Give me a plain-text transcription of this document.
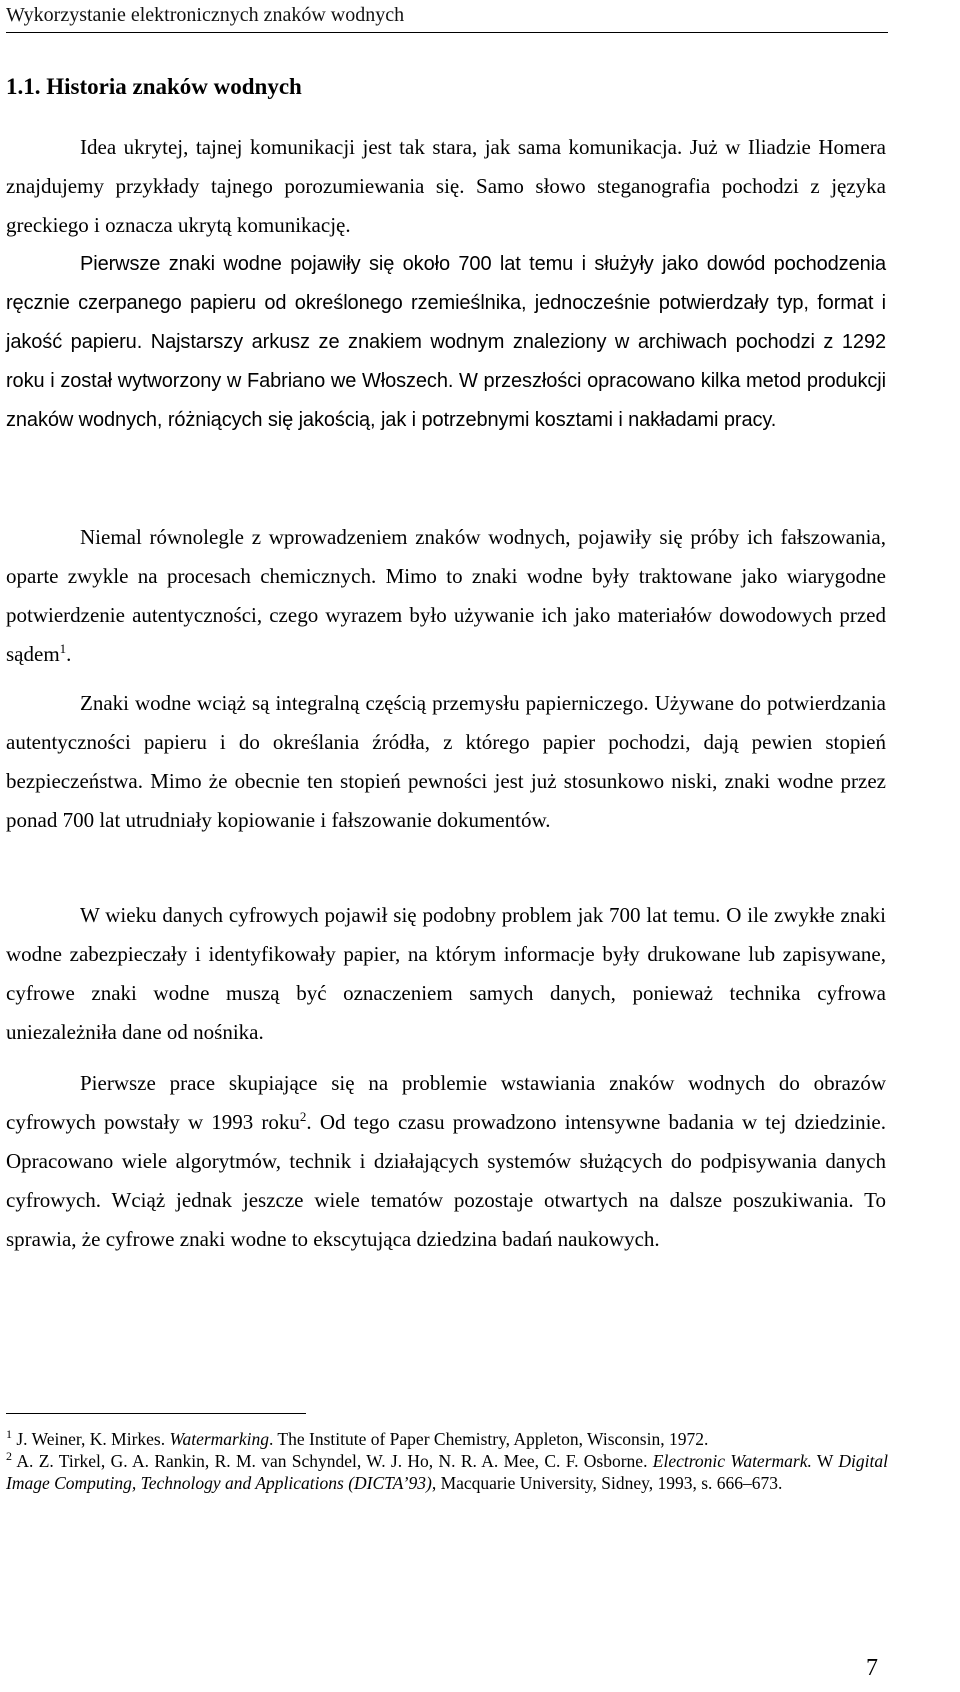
Wykorzystanie elektronicznych znaków wodnych
1.1. Historia znaków wodnych

Idea ukrytej, tajnej komunikacji jest tak stara, jak sama komunikacja. Już w Iliadzie Homera znajdujemy przykłady tajnego porozumiewania się. Samo słowo steganografia pochodzi z języka greckiego i oznacza ukrytą komunikację.

Pierwsze znaki wodne pojawiły się około 700 lat temu i służyły jako dowód pochodzenia ręcznie czerpanego papieru od określonego rzemieślnika, jednocześnie potwierdzały typ, format i jakość papieru. Najstarszy arkusz ze znakiem wodnym znaleziony w archiwach pochodzi z 1292 roku i został wytworzony w Fabriano we Włoszech. W przeszłości opracowano kilka metod produkcji znaków wodnych, różniących się jakością, jak i potrzebnymi kosztami i nakładami pracy.

Niemal równolegle z wprowadzeniem znaków wodnych, pojawiły się próby ich fałszowania, oparte zwykle na procesach chemicznych. Mimo to znaki wodne były traktowane jako wiarygodne potwierdzenie autentyczności, czego wyrazem było używanie ich jako materiałów dowodowych przed sądem$^1$.

Znaki wodne wciąż są integralną częścią przemysłu papierniczego. Używane do potwierdzania autentyczności papieru i do określania źródła, z którego papier pochodzi, dają pewien stopień bezpieczeństwa. Mimo że obecnie ten stopień pewności jest już stosunkowo niski, znaki wodne przez ponad 700 lat utrudniały kopiowanie i fałszowanie dokumentów.

W wieku danych cyfrowych pojawił się podobny problem jak 700 lat temu. O ile zwykłe znaki wodne zabezpieczały i identyfikowały papier, na którym informacje były drukowane lub zapisywane, cyfrowe znaki wodne muszą być oznaczeniem samych danych, ponieważ technika cyfrowa uniezależniła dane od nośnika.

Pierwsze prace skupiające się na problemie wstawiania znaków wodnych do obrazów cyfrowych powstały w 1993 roku$^2$. Od tego czasu prowadzono intensywne badania w tej dziedzinie. Opracowano wiele algorytmów, technik i działających systemów służących do podpisywania danych cyfrowych. Wciąż jednak jeszcze wiele tematów pozostaje otwartych na dalsze poszukiwania. To sprawia, że cyfrowe znaki wodne to ekscytująca dziedzina badań naukowych.

$^1$ J. Weiner, K. Mirkes. Watermarking. The Institute of Paper Chemistry, Appleton, Wisconsin, 1972.

$^2$ A. Z. Tirkel, G. A. Rankin, R. M. van Schyndel, W. J. Ho, N. R. A. Mee, C. F. Osborne. Electronic Watermark. W Digital Image Computing, Technology and Applications (DICTA’93), Macquarie University, Sidney, 1993, s. 666–673.

7
